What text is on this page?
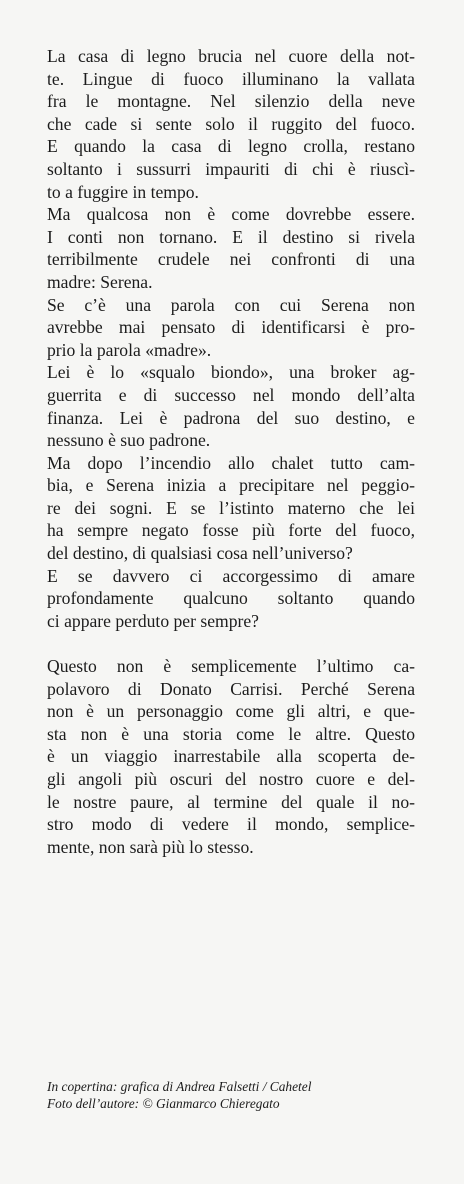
La casa di legno brucia nel cuore della not-
te. Lingue di fuoco illuminano la vallata
fra le montagne. Nel silenzio della neve
che cade si sente solo il ruggito del fuoco.
E quando la casa di legno crolla, restano
soltanto i sussurri impauriti di chi è riuscì-
to a fuggire in tempo.
Ma qualcosa non è come dovrebbe essere.
I conti non tornano. E il destino si rivela
terribilmente crudele nei confronti di una
madre: Serena.
Se c’è una parola con cui Serena non
avrebbe mai pensato di identificarsi è pro-
prio la parola «madre».
Lei è lo «squalo biondo», una broker ag-
guerrita e di successo nel mondo dell’alta
finanza. Lei è padrona del suo destino, e
nessuno è suo padrone.
Ma dopo l’incendio allo chalet tutto cam-
bia, e Serena inizia a precipitare nel peggio-
re dei sogni. E se l’istinto materno che lei
ha sempre negato fosse più forte del fuoco,
del destino, di qualsiasi cosa nell’universo?
E se davvero ci accorgessimo di amare
profondamente qualcuno soltanto quando
ci appare perduto per sempre?
Questo non è semplicemente l’ultimo ca-
polavoro di Donato Carrisi. Perché Serena
non è un personaggio come gli altri, e que-
sta non è una storia come le altre. Questo
è un viaggio inarrestabile alla scoperta de-
gli angoli più oscuri del nostro cuore e del-
le nostre paure, al termine del quale il no-
stro modo di vedere il mondo, semplice-
mente, non sarà più lo stesso.
In copertina: grafica di Andrea Falsetti / Cahetel
Foto dell’autore: © Gianmarco Chieregato
